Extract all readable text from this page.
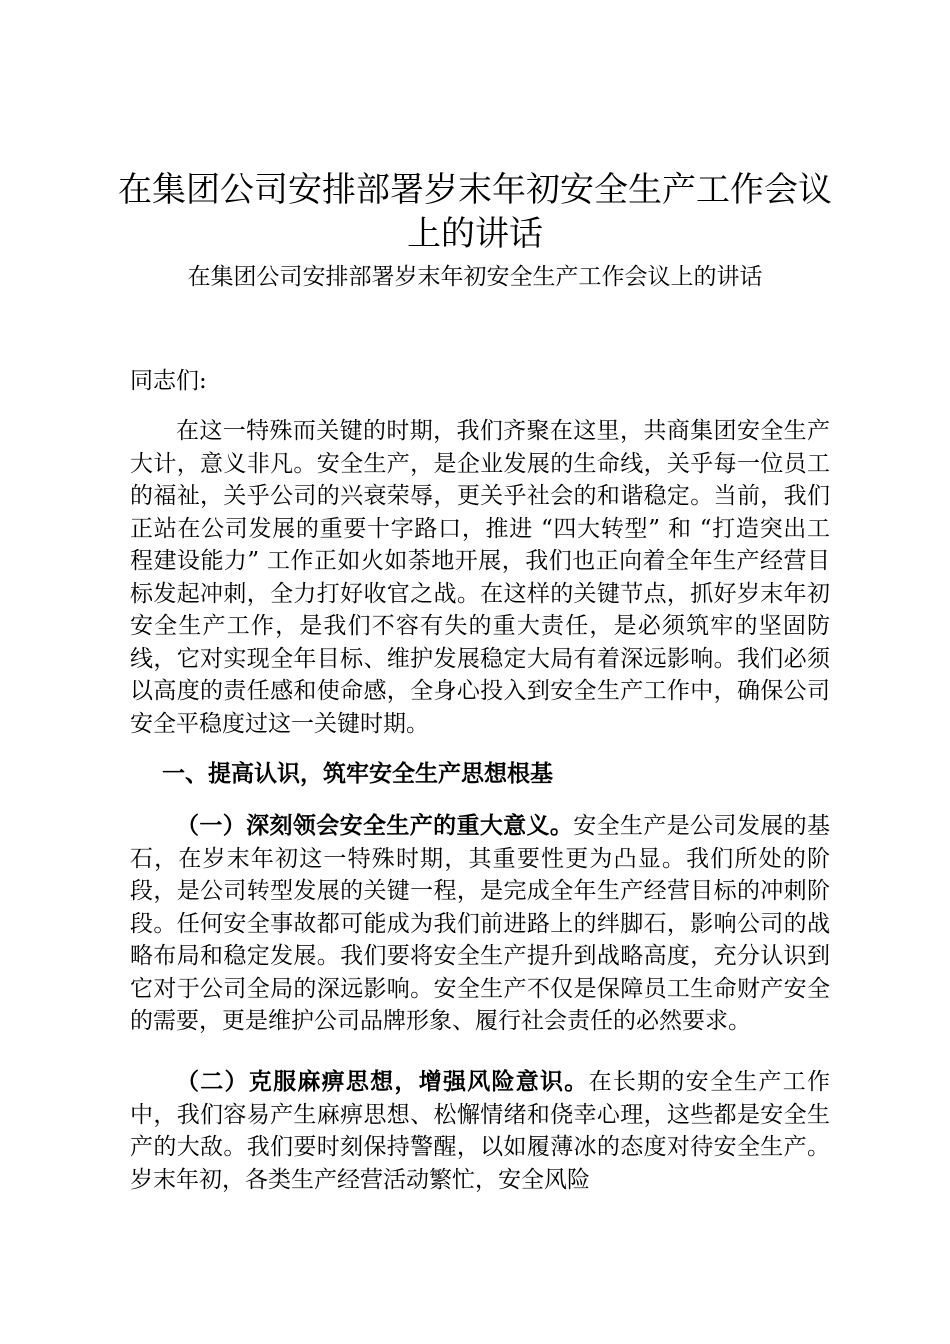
在集团公司安排部署岁末年初安全生产工作会议上的讲话

在集团公司安排部署岁末年初安全生产工作会议上的讲话

同志们:

在这一特殊而关键的时期，我们齐聚在这里，共商集团安全生产大计，意义非凡。安全生产，是企业发展的生命线，关乎每一位员工的福祉，关乎公司的兴衰荣辱，更关乎社会的和谐稳定。当前，我们正站在公司发展的重要十字路口，推进 “四大转型” 和 “打造突出工程建设能力” 工作正如火如荼地开展，我们也正向着全年生产经营目标发起冲刺，全力打好收官之战。在这样的关键节点，抓好岁末年初安全生产工作，是我们不容有失的重大责任，是必须筑牢的坚固防线，它对实现全年目标、维护发展稳定大局有着深远影响。我们必须以高度的责任感和使命感，全身心投入到安全生产工作中，确保公司安全平稳度过这一关键时期。

一、提高认识，筑牢安全生产思想根基

（一）深刻领会安全生产的重大意义。安全生产是公司发展的基石，在岁末年初这一特殊时期，其重要性更为凸显。我们所处的阶段，是公司转型发展的关键一程，是完成全年生产经营目标的冲刺阶段。任何安全事故都可能成为我们前进路上的绊脚石，影响公司的战略布局和稳定发展。我们要将安全生产提升到战略高度，充分认识到它对于公司全局的深远影响。安全生产不仅是保障员工生命财产安全的需要，更是维护公司品牌形象、履行社会责任的必然要求。

（二）克服麻痹思想，增强风险意识。在长期的安全生产工作中，我们容易产生麻痹思想、松懈情绪和侥幸心理，这些都是安全生产的大敌。我们要时刻保持警醒，以如履薄冰的态度对待安全生产。岁末年初，各类生产经营活动繁忙，安全风险
